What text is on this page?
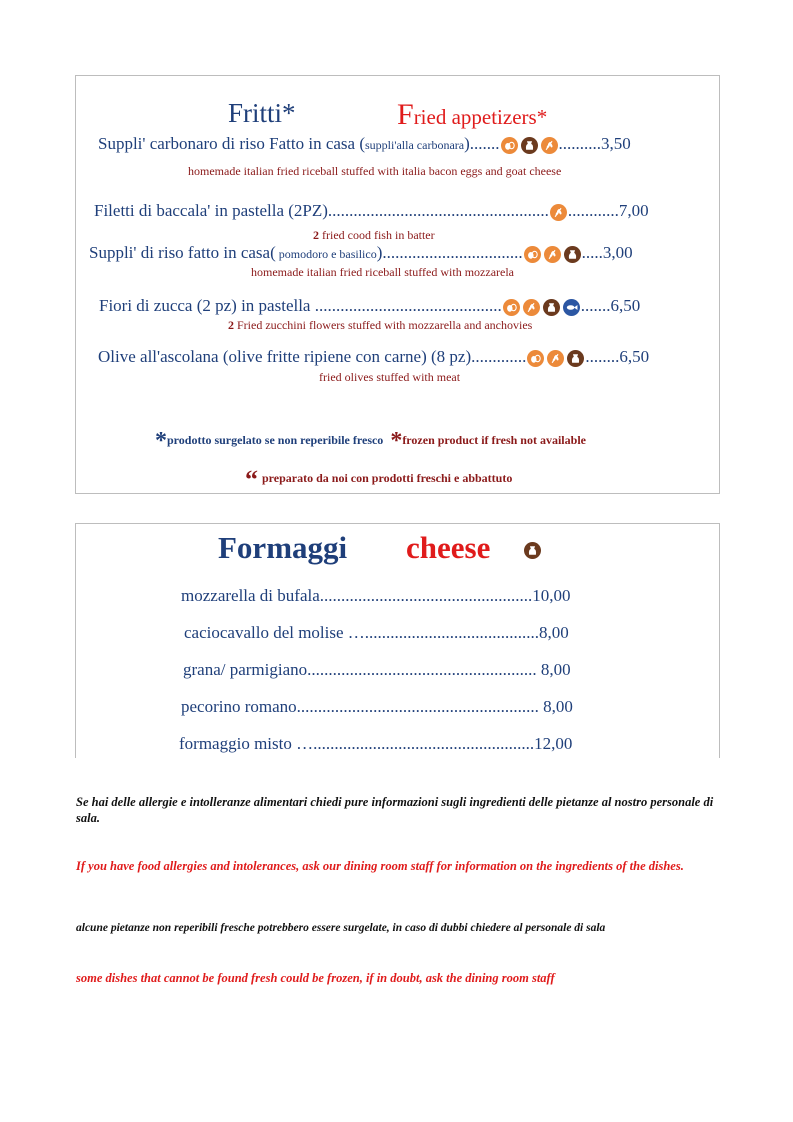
Fritti*	Fried appetizers*
Suppli' carbonaro di riso Fatto in casa (suppli'alla carbonara).......	..........3,50
homemade italian fried riceball stuffed with italia bacon eggs and goat cheese
Filetti di baccala' in pastella (2PZ).................................................... ............7,00
2 fried cood fish in batter
Suppli' di riso fatto in casa( pomodoro e basilico).................................	.....3,00
homemade italian fried riceball stuffed with mozzarela
Fiori di zucca (2 pz) in pastella ............................................	.......6,50
2 Fried zucchini flowers stuffed with mozzarella and anchovies
Olive all'ascolana (olive fritte ripiene con carne) (8 pz).............	........6,50
fried olives stuffed with meat
*prodotto surgelato se non reperibile fresco *frozen product if fresh not available
“ preparato da noi con prodotti freschi e abbattuto
Formaggi cheese
mozzarella di bufala..................................................10,00
caciocavallo del molise ….........................................8,00
grana/ parmigiano...................................................... 8,00
pecorino romano......................................................... 8,00
formaggio misto …....................................................12,00
Se hai delle allergie e intolleranze alimentari chiedi pure informazioni sugli ingredienti delle pietanze al nostro personale di sala.
If you have food allergies and intolerances, ask our dining room staff for information on the ingredients of the dishes.
alcune pietanze non reperibili fresche potrebbero essere surgelate, in caso di dubbi chiedere al personale di sala
some dishes that cannot be found fresh could be frozen, if in doubt, ask the dining room staff
